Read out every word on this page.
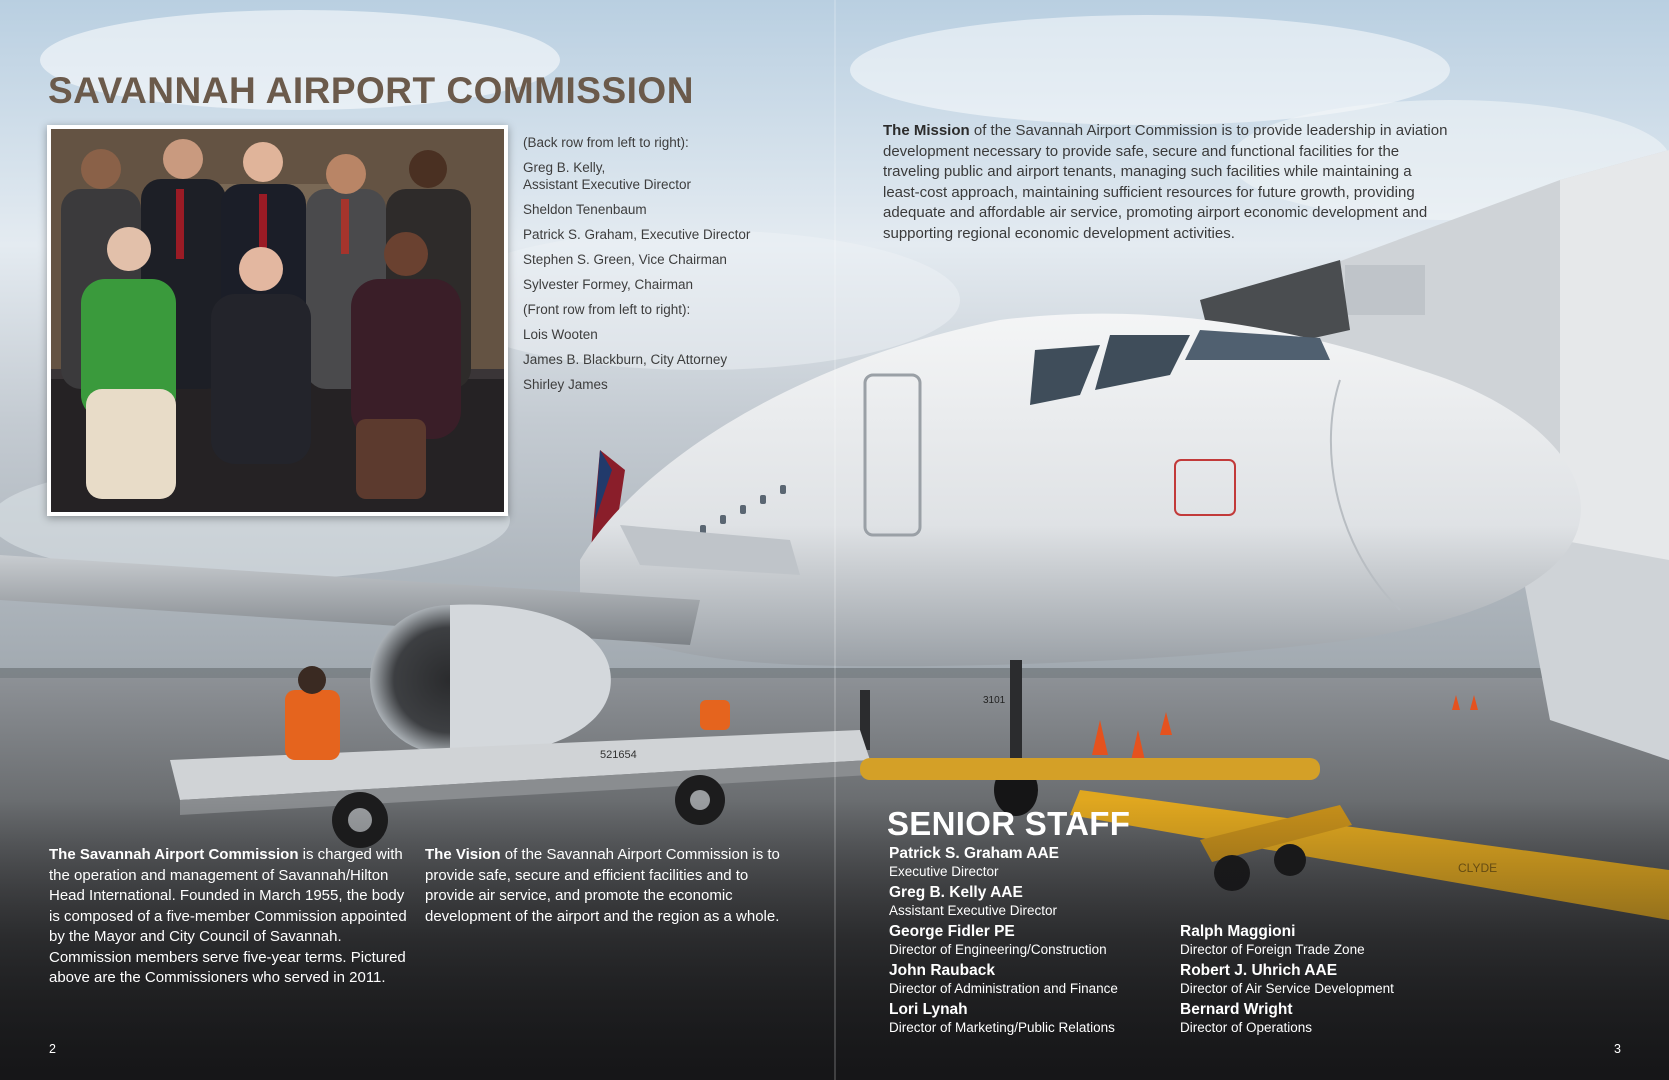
521654
3101
SAVANNAH AIRPORT COMMISSION
(Back row from left to right):
Greg B. Kelly,
Assistant Executive Director
Sheldon Tenenbaum
Patrick S. Graham, Executive Director
Stephen S. Green, Vice Chairman
Sylvester Formey, Chairman
(Front row from left to right):
Lois Wooten
James B. Blackburn, City Attorney
Shirley James

The Mission of the Savannah Airport Commission is to provide leadership in aviation development necessary to provide safe, secure and functional facilities for the traveling public and airport tenants, managing such facilities while maintaining a least-cost approach, maintaining sufficient resources for future growth, providing adequate and affordable air service, promoting airport economic development and supporting regional economic development activities.

The Savannah Airport Commission is charged with the operation and management of Savannah/Hilton Head International. Founded in March 1955, the body is composed of a five-member Commission appointed by the Mayor and City Council of Savannah. Commission members serve five-year terms. Pictured above are the Commissioners who served in 2011.

The Vision of the Savannah Airport Commission is to provide safe, secure and efficient facilities and to provide air service, and promote the economic development of the airport and the region as a whole.

SENIOR STAFF
Patrick S. Graham AAE
Executive Director
Greg B. Kelly AAE
Assistant Executive Director
George Fidler PE
Director of Engineering/Construction
John Rauback
Director of Administration and Finance
Lori Lynah
Director of Marketing/Public Relations
Ralph Maggioni
Director of Foreign Trade Zone
Robert J. Uhrich AAE
Director of Air Service Development
Bernard Wright
Director of Operations
2	3
